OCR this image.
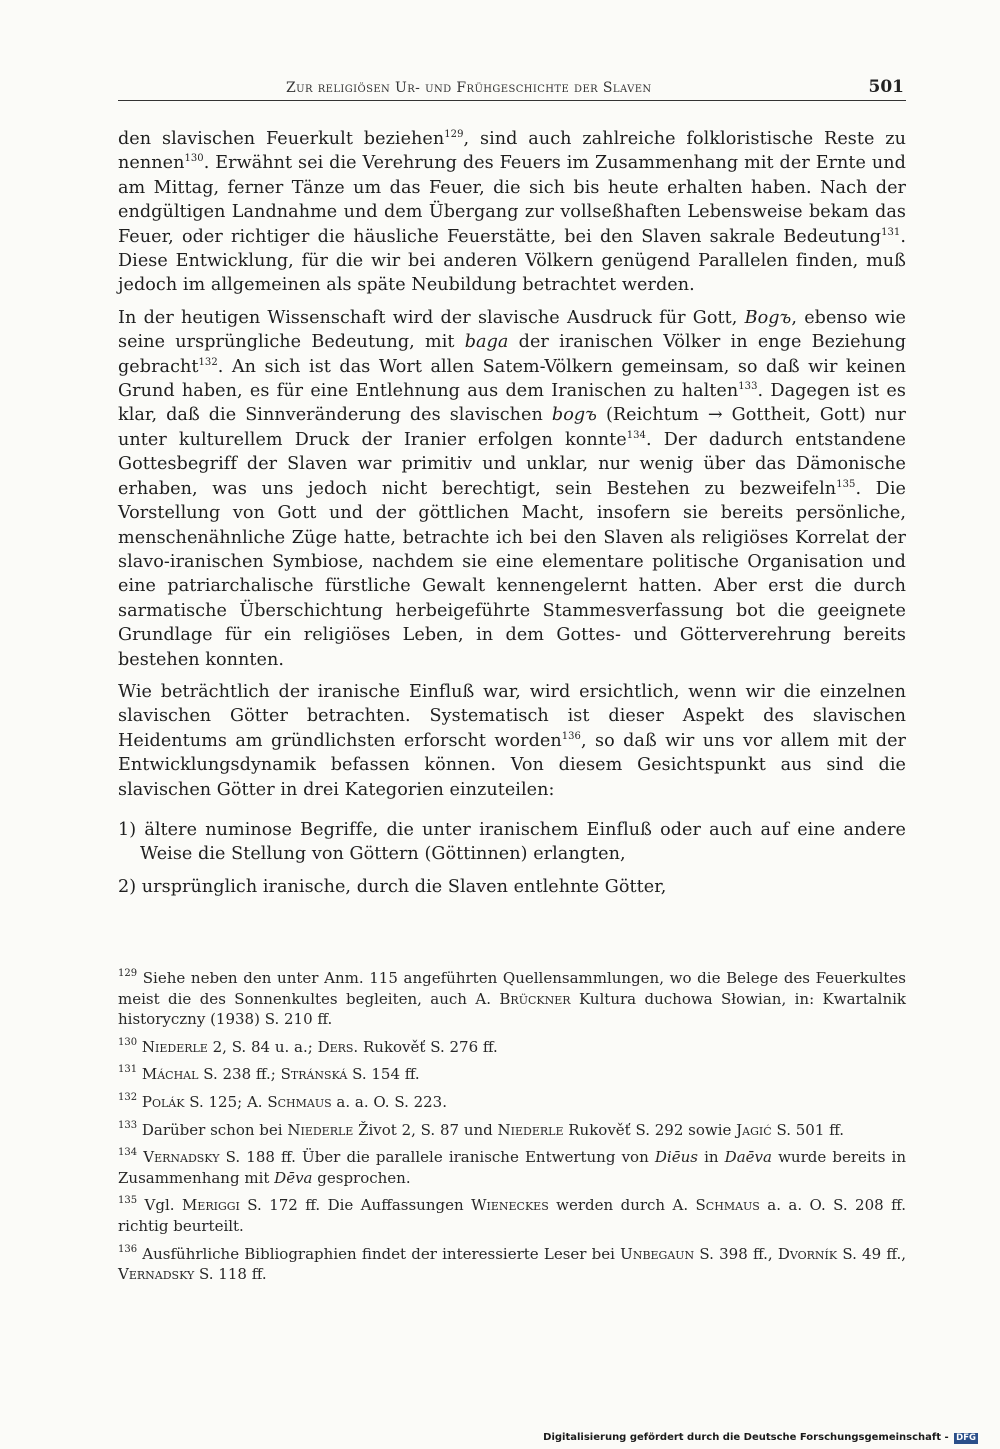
Zur religiösen Ur- und Frühgeschichte der Slaven	501

den slavischen Feuerkult beziehen$^{129}$, sind auch zahlreiche folkloristische Reste zu nennen$^{130}$. Erwähnt sei die Verehrung des Feuers im Zusammenhang mit der Ernte und am Mittag, ferner Tänze um das Feuer, die sich bis heute erhalten haben. Nach der endgültigen Landnahme und dem Übergang zur vollseßhaften Lebensweise bekam das Feuer, oder richtiger die häusliche Feuerstätte, bei den Slaven sakrale Bedeutung$^{131}$. Diese Entwicklung, für die wir bei anderen Völkern genügend Parallelen finden, muß jedoch im allgemeinen als späte Neubildung betrachtet werden.

In der heutigen Wissenschaft wird der slavische Ausdruck für Gott, Bogъ, ebenso wie seine ursprüngliche Bedeutung, mit baga der iranischen Völker in enge Beziehung gebracht$^{132}$. An sich ist das Wort allen Satem-Völkern gemeinsam, so daß wir keinen Grund haben, es für eine Entlehnung aus dem Iranischen zu halten$^{133}$. Dagegen ist es klar, daß die Sinnveränderung des slavischen bogъ (Reichtum → Gottheit, Gott) nur unter kulturellem Druck der Iranier erfolgen konnte$^{134}$. Der dadurch entstandene Gottesbegriff der Slaven war primitiv und unklar, nur wenig über das Dämonische erhaben, was uns jedoch nicht berechtigt, sein Bestehen zu bezweifeln$^{135}$. Die Vorstellung von Gott und der göttlichen Macht, insofern sie bereits persönliche, menschenähnliche Züge hatte, betrachte ich bei den Slaven als religiöses Korrelat der slavo-iranischen Symbiose, nachdem sie eine elementare politische Organisation und eine patriarchalische fürstliche Gewalt kennengelernt hatten. Aber erst die durch sarmatische Überschichtung herbeigeführte Stammesverfassung bot die geeignete Grundlage für ein religiöses Leben, in dem Gottes- und Götterverehrung bereits bestehen konnten.

Wie beträchtlich der iranische Einfluß war, wird ersichtlich, wenn wir die einzelnen slavischen Götter betrachten. Systematisch ist dieser Aspekt des slavischen Heidentums am gründlichsten erforscht worden$^{136}$, so daß wir uns vor allem mit der Entwicklungsdynamik befassen können. Von diesem Gesichtspunkt aus sind die slavischen Götter in drei Kategorien einzuteilen:

1) ältere numinose Begriffe, die unter iranischem Einfluß oder auch auf eine andere Weise die Stellung von Göttern (Göttinnen) erlangten,
2) ursprünglich iranische, durch die Slaven entlehnte Götter,

$^{129}$ Siehe neben den unter Anm. 115 angeführten Quellensammlungen, wo die Belege des Feuerkultes meist die des Sonnenkultes begleiten, auch A. Brückner Kultura duchowa Słowian, in: Kwartalnik historyczny (1938) S. 210 ff.

$^{130}$ Niederle 2, S. 84 u. a.; Ders. Rukověť S. 276 ff.

$^{131}$ Máchal S. 238 ff.; Stránská S. 154 ff.

$^{132}$ Polák S. 125; A. Schmaus a. a. O. S. 223.

$^{133}$ Darüber schon bei Niederle Život 2, S. 87 und Niederle Rukověť S. 292 sowie Jagić S. 501 ff.

$^{134}$ Vernadsky S. 188 ff. Über die parallele iranische Entwertung von Diēus in Daēva wurde bereits in Zusammenhang mit Dēva gesprochen.

$^{135}$ Vgl. Meriggi S. 172 ff. Die Auffassungen Wieneckes werden durch A. Schmaus a. a. O. S. 208 ff. richtig beurteilt.

$^{136}$ Ausführliche Bibliographien findet der interessierte Leser bei Unbegaun S. 398 ff., Dvorník S. 49 ff., Vernadsky S. 118 ff.

Digitalisierung gefördert durch die Deutsche Forschungsgemeinschaft - DFG
